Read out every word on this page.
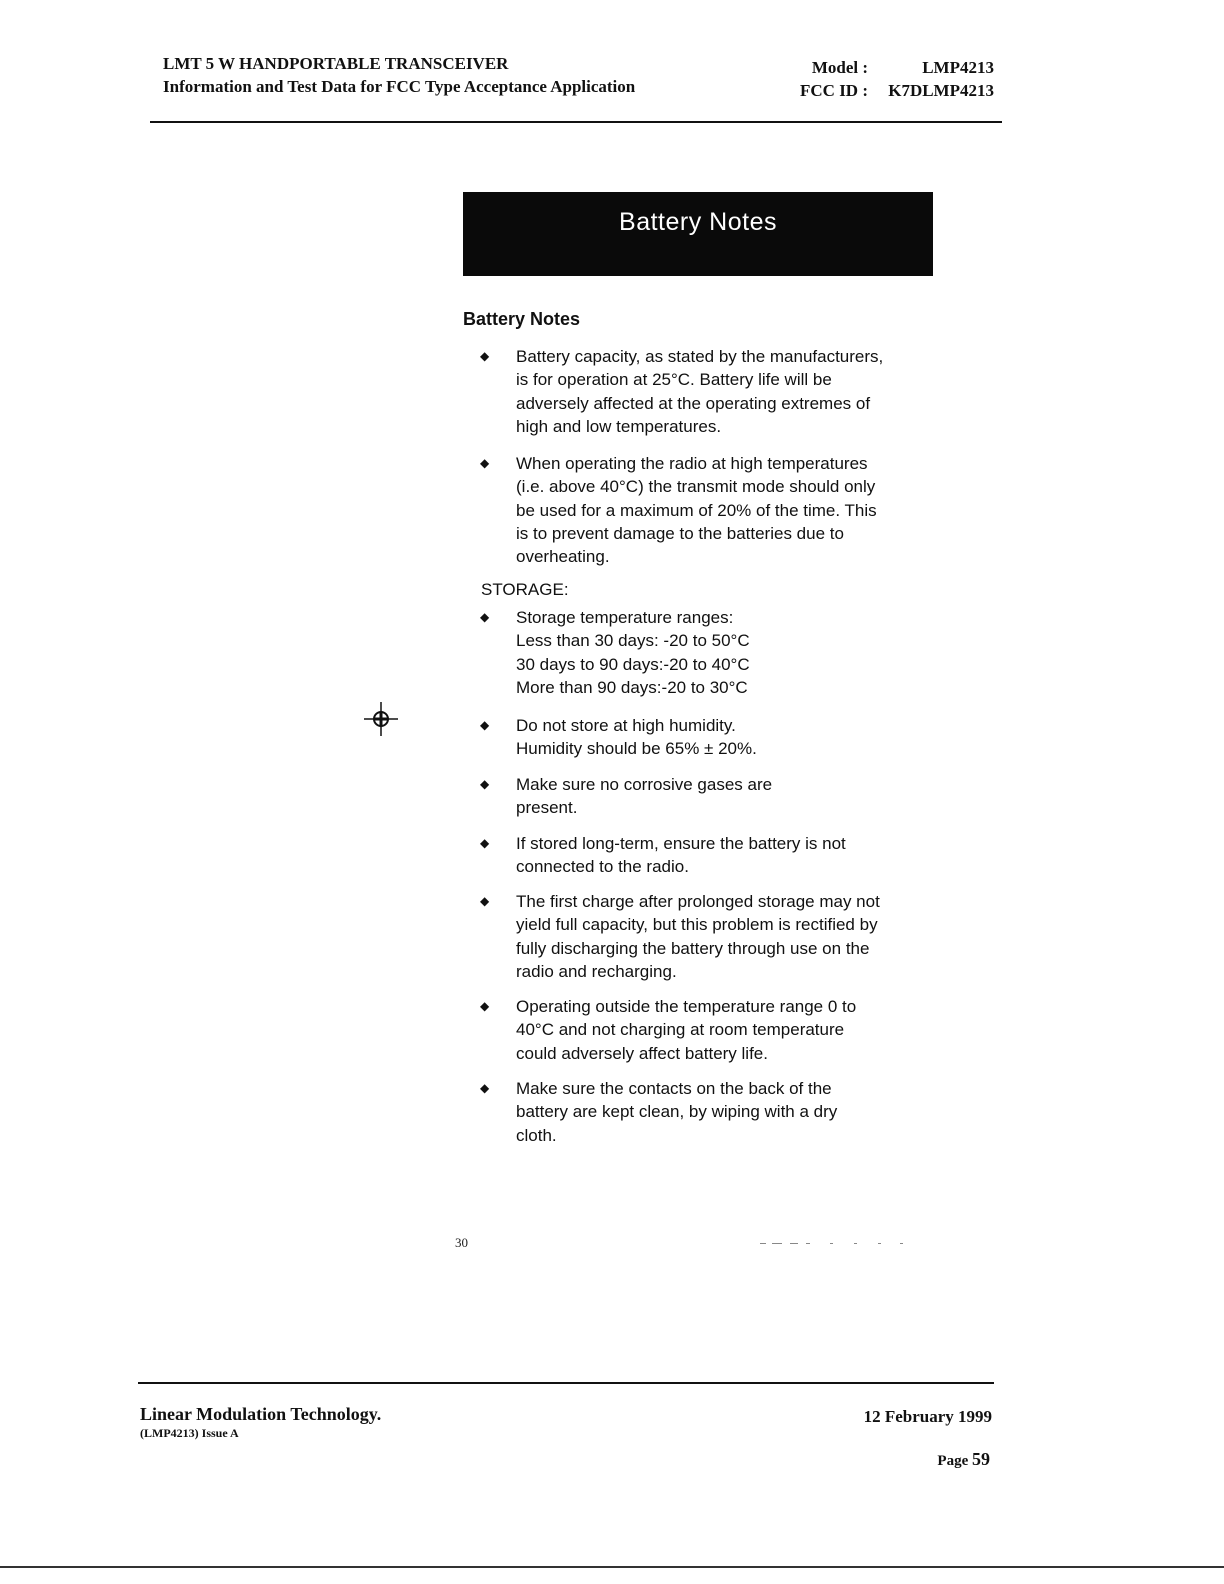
LMT 5 W HANDPORTABLE TRANSCEIVER
Information and Test Data for FCC Type Acceptance Application
Model :	LMP4213
FCC ID :	K7DLMP4213
Battery Notes
Battery Notes
◆	Battery capacity, as stated by the manufacturers,
is for operation at 25°C. Battery life will be
adversely affected at the operating extremes of
high and low temperatures.
◆	When operating the radio at high temperatures
(i.e. above 40°C) the transmit mode should only
be used for a maximum of 20% of the time. This
is to prevent damage to the batteries due to
overheating.
STORAGE:
◆	Storage temperature ranges:
Less than 30 days: -20 to 50°C
30 days to 90 days:-20 to 40°C
More than 90 days:-20 to 30°C
◆	Do not store at high humidity.
Humidity should be 65% ± 20%.
◆	Make sure no corrosive gases are
present.
◆	If stored long-term, ensure the battery is not
connected to the radio.
◆	The first charge after prolonged storage may not
yield full capacity, but this problem is rectified by
fully discharging the battery through use on the
radio and recharging.
◆	Operating outside the temperature range 0 to
40°C and not charging at room temperature
could adversely affect battery life.
◆	Make sure the contacts on the back of the
battery are kept clean, by wiping with a dry
cloth.
30
Linear Modulation Technology.
(LMP4213) Issue A
12 February 1999
Page 59
